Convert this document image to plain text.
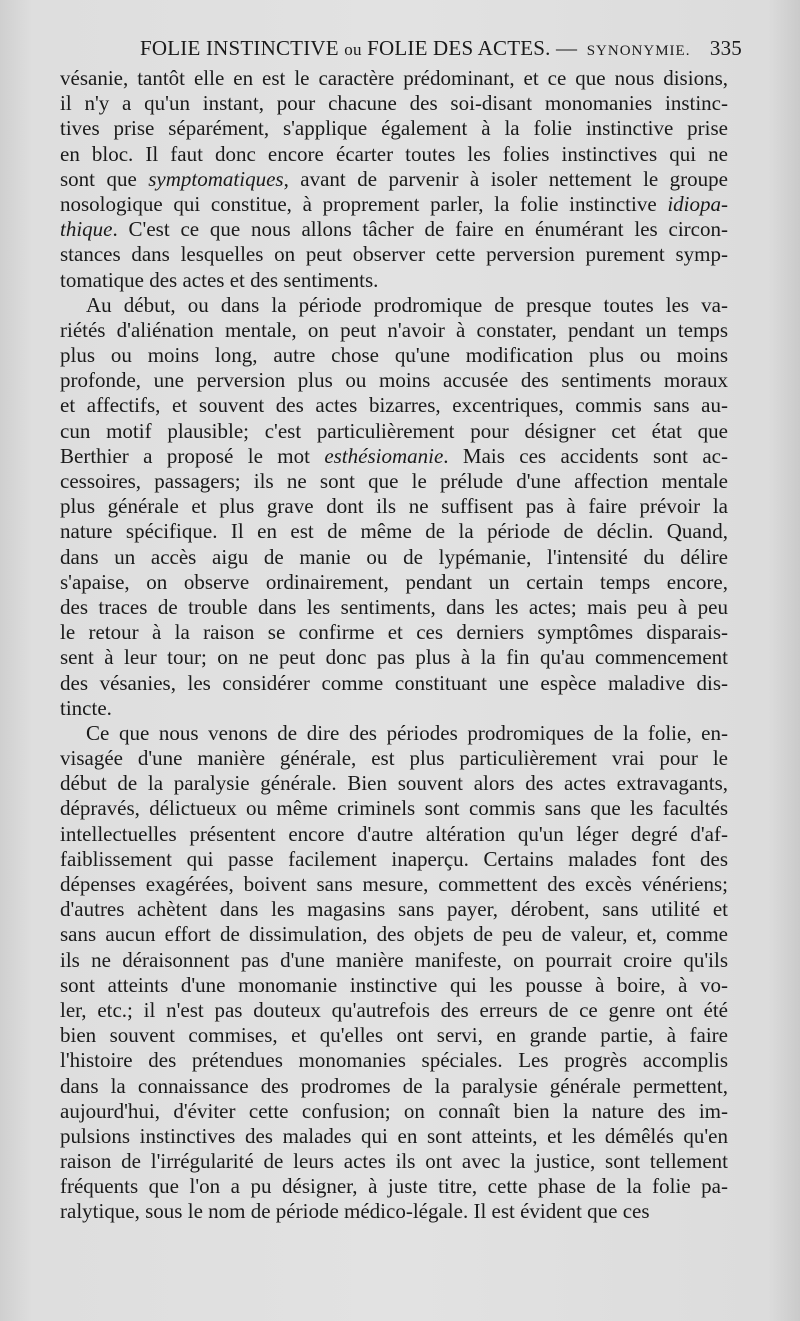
FOLIE INSTINCTIVE ou FOLIE DES ACTES. — SYNONYMIE. 335
vésanie, tantôt elle en est le caractère prédominant, et ce que nous disions,
il n'y a qu'un instant, pour chacune des soi-disant monomanies instinc-
tives prise séparément, s'applique également à la folie instinctive prise
en bloc. Il faut donc encore écarter toutes les folies instinctives qui ne
sont que symptomatiques, avant de parvenir à isoler nettement le groupe
nosologique qui constitue, à proprement parler, la folie instinctive idiopa-
thique. C'est ce que nous allons tâcher de faire en énumérant les circon-
stances dans lesquelles on peut observer cette perversion purement symp-
tomatique des actes et des sentiments.
Au début, ou dans la période prodromique de presque toutes les va-
riétés d'aliénation mentale, on peut n'avoir à constater, pendant un temps
plus ou moins long, autre chose qu'une modification plus ou moins
profonde, une perversion plus ou moins accusée des sentiments moraux
et affectifs, et souvent des actes bizarres, excentriques, commis sans au-
cun motif plausible; c'est particulièrement pour désigner cet état que
Berthier a proposé le mot esthésiomanie. Mais ces accidents sont ac-
cessoires, passagers; ils ne sont que le prélude d'une affection mentale
plus générale et plus grave dont ils ne suffisent pas à faire prévoir la
nature spécifique. Il en est de même de la période de déclin. Quand,
dans un accès aigu de manie ou de lypémanie, l'intensité du délire
s'apaise, on observe ordinairement, pendant un certain temps encore,
des traces de trouble dans les sentiments, dans les actes; mais peu à peu
le retour à la raison se confirme et ces derniers symptômes disparais-
sent à leur tour; on ne peut donc pas plus à la fin qu'au commencement
des vésanies, les considérer comme constituant une espèce maladive dis-
tincte.
Ce que nous venons de dire des périodes prodromiques de la folie, en-
visagée d'une manière générale, est plus particulièrement vrai pour le
début de la paralysie générale. Bien souvent alors des actes extravagants,
dépravés, délictueux ou même criminels sont commis sans que les facultés
intellectuelles présentent encore d'autre altération qu'un léger degré d'af-
faiblissement qui passe facilement inaperçu. Certains malades font des
dépenses exagérées, boivent sans mesure, commettent des excès vénériens;
d'autres achètent dans les magasins sans payer, dérobent, sans utilité et
sans aucun effort de dissimulation, des objets de peu de valeur, et, comme
ils ne déraisonnent pas d'une manière manifeste, on pourrait croire qu'ils
sont atteints d'une monomanie instinctive qui les pousse à boire, à vo-
ler, etc.; il n'est pas douteux qu'autrefois des erreurs de ce genre ont été
bien souvent commises, et qu'elles ont servi, en grande partie, à faire
l'histoire des prétendues monomanies spéciales. Les progrès accomplis
dans la connaissance des prodromes de la paralysie générale permettent,
aujourd'hui, d'éviter cette confusion; on connaît bien la nature des im-
pulsions instinctives des malades qui en sont atteints, et les démêlés qu'en
raison de l'irrégularité de leurs actes ils ont avec la justice, sont tellement
fréquents que l'on a pu désigner, à juste titre, cette phase de la folie pa-
ralytique, sous le nom de période médico-légale. Il est évident que ces
